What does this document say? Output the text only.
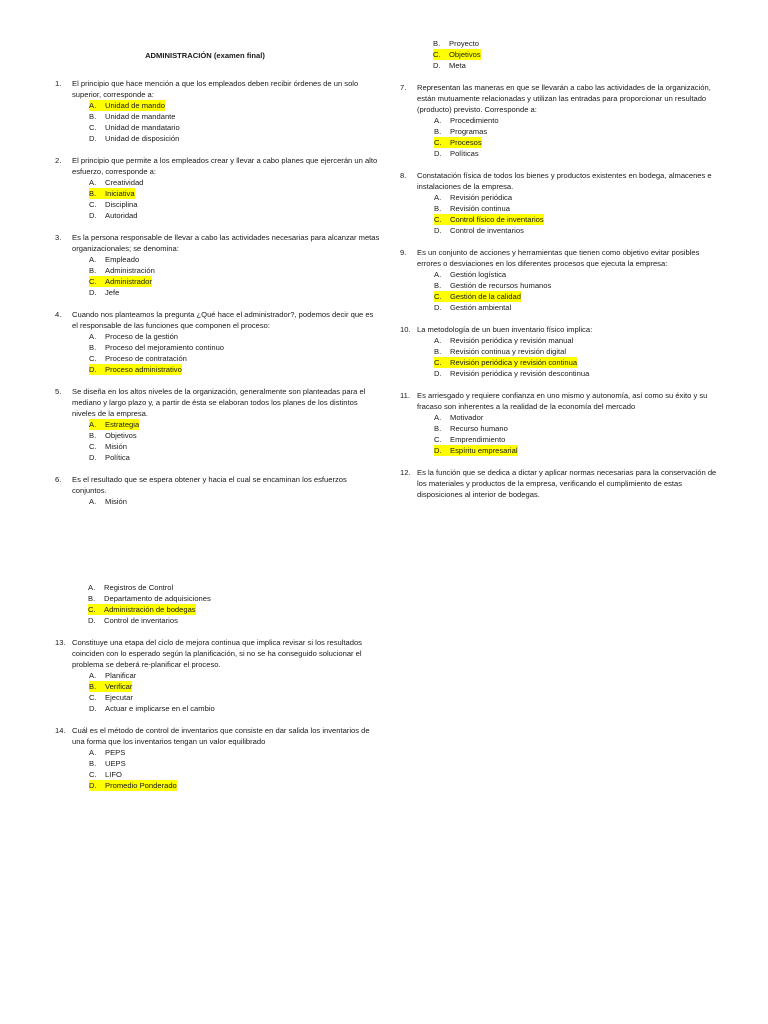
ADMINISTRACIÓN (examen final)
1. El principio que hace mención a que los empleados deben recibir órdenes de un solo superior, corresponde a:
A. Unidad de mando
B. Unidad de mandante
C. Unidad de mandatario
D. Unidad de disposición
2. El principio que permite a los empleados crear y llevar a cabo planes que ejercerán un alto esfuerzo, corresponde a:
A. Creatividad
B. Iniciativa
C. Disciplina
D. Autoridad
3. Es la persona responsable de llevar a cabo las actividades necesarias para alcanzar metas organizacionales; se denomina:
A. Empleado
B. Administración
C. Administrador
D. Jefe
4. Cuando nos planteamos la pregunta ¿Qué hace el administrador?, podemos decir que es el responsable de las funciones que componen el proceso:
A. Proceso de la gestión
B. Proceso del mejoramiento continuo
C. Proceso de contratación
D. Proceso administrativo
5. Se diseña en los altos niveles de la organización, generalmente son planteadas para el mediano y largo plazo y, a partir de ésta se elaboran todos los planes de los distintos niveles de la empresa.
A. Estrategia
B. Objetivos
C. Misión
D. Política
6. Es el resultado que se espera obtener y hacia el cual se encaminan los esfuerzos conjuntos.
A. Misión
B. Proyecto
C. Objetivos
D. Meta
7. Representan las maneras en que se llevarán a cabo las actividades de la organización, están mutuamente relacionadas y utilizan las entradas para proporcionar un resultado (producto) previsto. Corresponde a:
A. Procedimiento
B. Programas
C. Procesos
D. Políticas
8. Constatación física de todos los bienes y productos existentes en bodega, almacenes e instalaciones de la empresa.
A. Revisión periódica
B. Revisión continua
C. Control físico de inventarios
D. Control de inventarios
9. Es un conjunto de acciones y herramientas que tienen como objetivo evitar posibles errores o desviaciones en los diferentes procesos que ejecuta la empresa:
A. Gestión logística
B. Gestión de recursos humanos
C. Gestión de la calidad
D. Gestión ambiental
10. La metodología de un buen inventario físico implica:
A. Revisión periódica y revisión manual
B. Revisión continua y revisión digital
C. Revisión periódica y revisión continua
D. Revisión periódica y revisión descontinua
11. Es arriesgado y requiere confianza en uno mismo y autonomía, así como su éxito y su fracaso son inherentes a la realidad de la economía del mercado
A. Motivador
B. Recurso humano
C. Emprendimiento
D. Espíritu empresarial
12. Es la función que se dedica a dictar y aplicar normas necesarias para la conservación de los materiales y productos de la empresa, verificando el cumplimiento de estas disposiciones al interior de bodegas.
A. Registros de Control
B. Departamento de adquisiciones
C. Administración de bodegas
D. Control de inventarios
13. Constituye una etapa del ciclo de mejora continua que implica revisar si los resultados coinciden con lo esperado según la planificación, si no se ha conseguido solucionar el problema se deberá re-planificar el proceso.
A. Planificar
B. Verificar
C. Ejecutar
D. Actuar e implicarse en el cambio
14. Cuál es el método de control de inventarios que consiste en dar salida los inventarios de una forma que los inventarios tengan un valor equilibrado
A. PEPS
B. UEPS
C. LIFO
D. Promedio Ponderado
